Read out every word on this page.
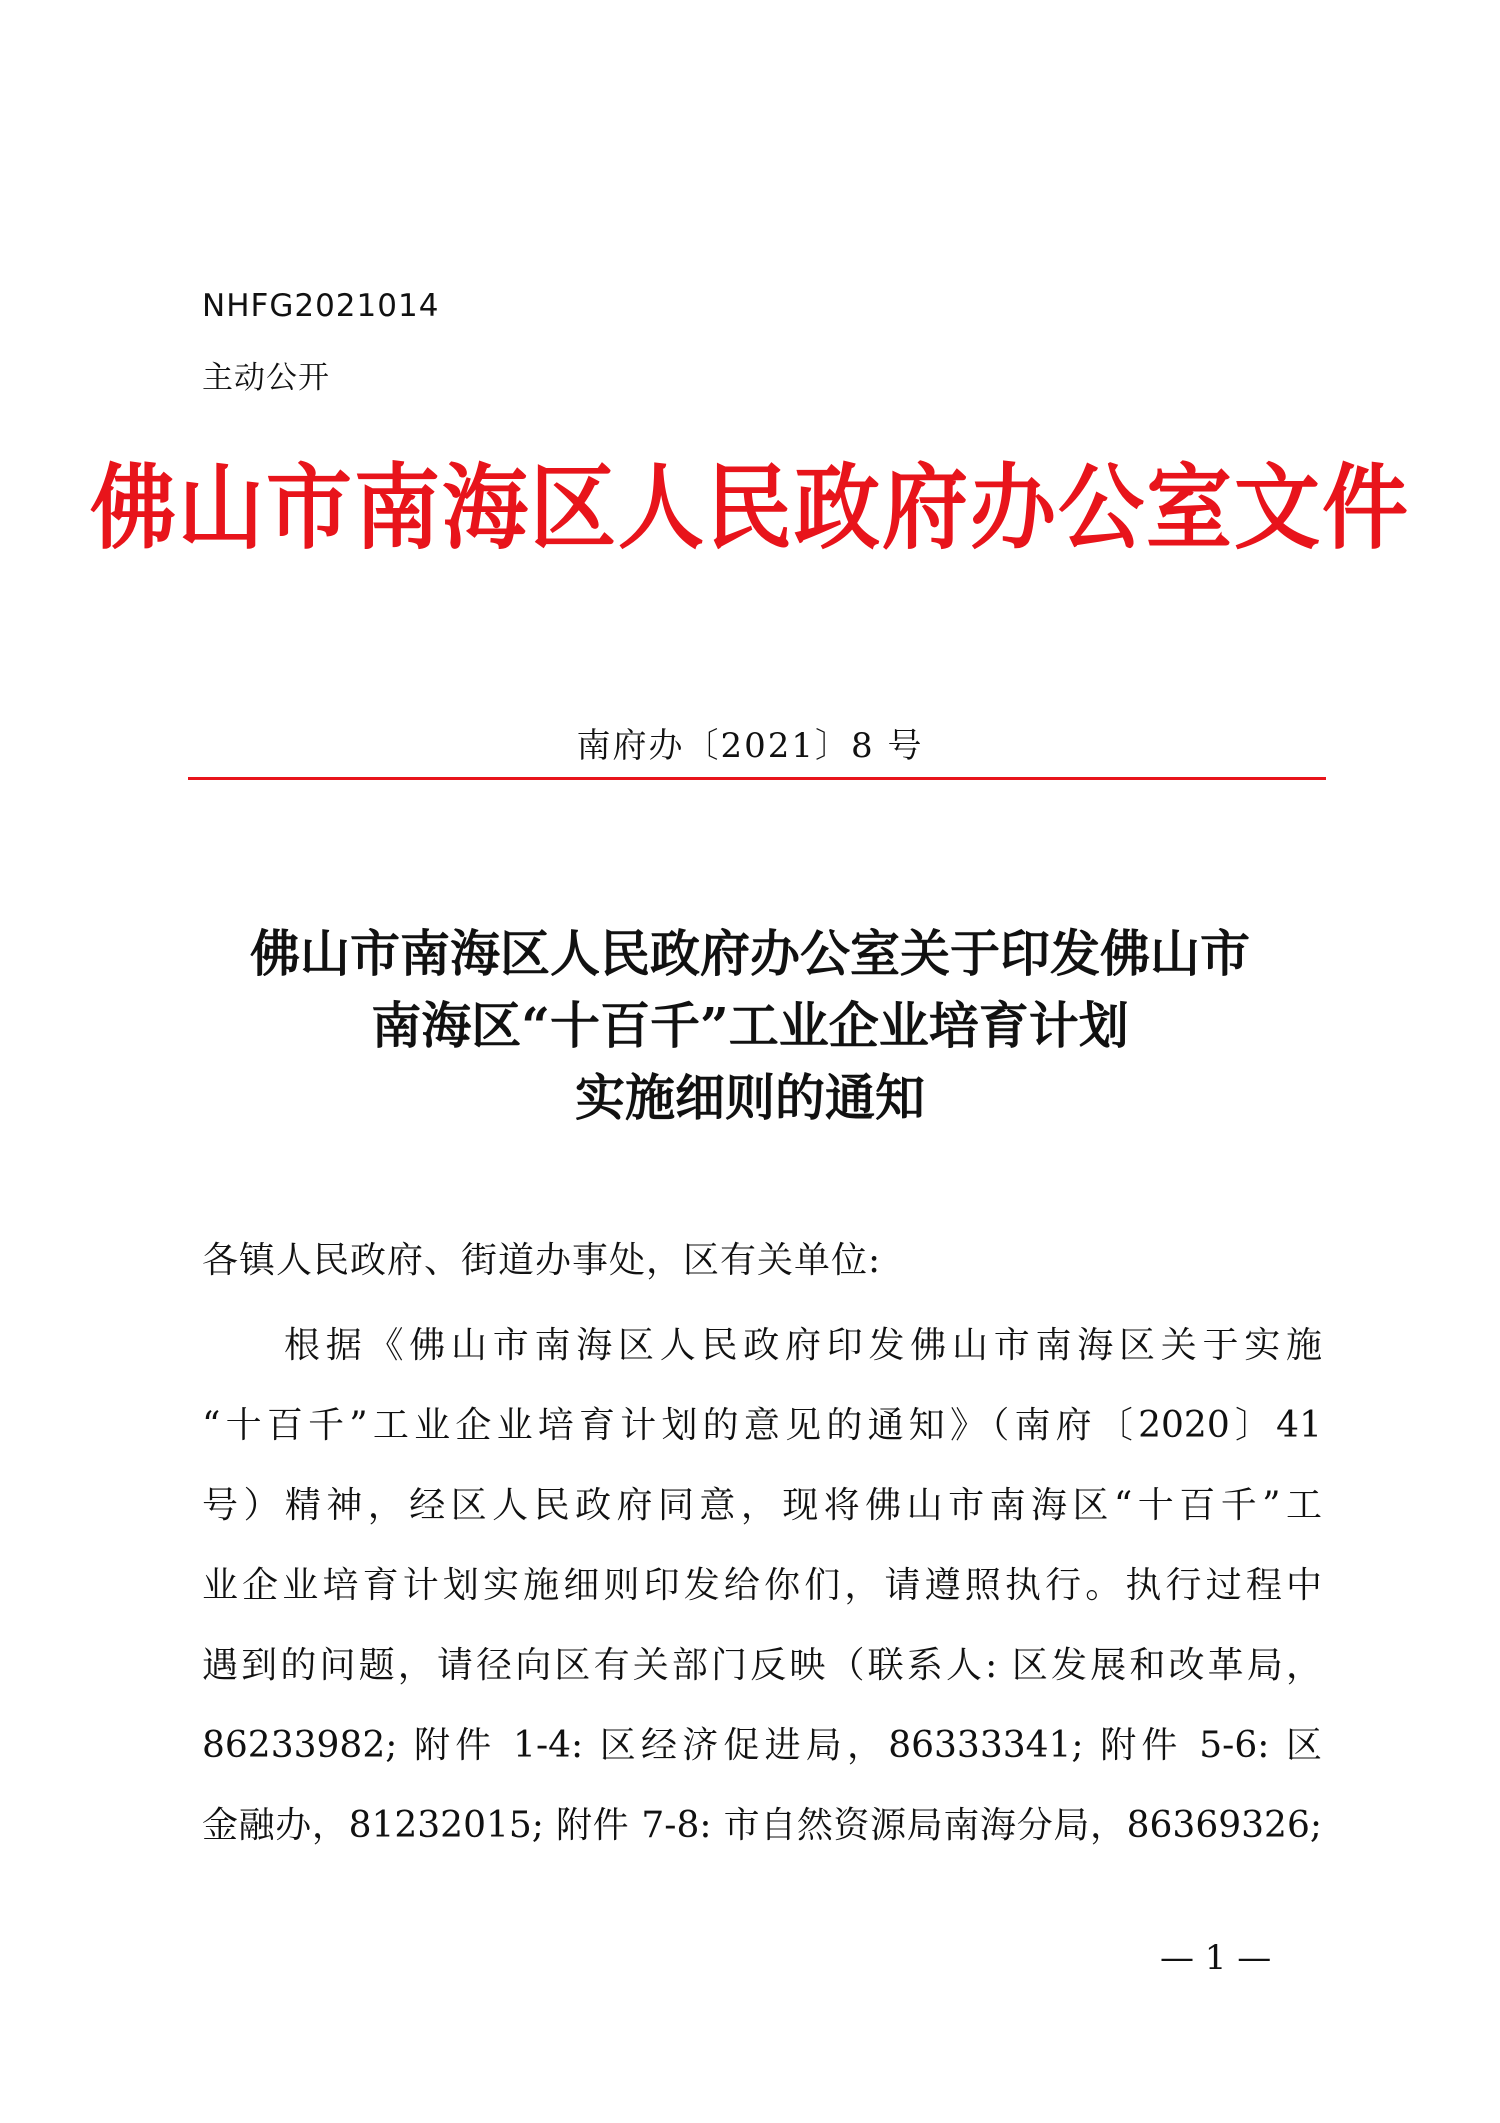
NHFG2021014
主动公开
佛山市南海区人民政府办公室文件
南府办〔2021〕8 号
佛山市南海区人民政府办公室关于印发佛山市
南海区“十百千”工业企业培育计划
实施细则的通知
各镇人民政府、街道办事处，区有关单位:
根据《佛山市南海区人民政府印发佛山市南海区关于实施
“十百千”工业企业培育计划的意见的通知》（南府〔2020〕41
号）精神，经区人民政府同意，现将佛山市南海区“十百千”工
业企业培育计划实施细则印发给你们，请遵照执行。执行过程中
遇到的问题，请径向区有关部门反映（联系人: 区发展和改革局，
86233982; 附件 1-4: 区经济促进局，86333341; 附件 5-6: 区
金融办，81232015; 附件 7-8: 市自然资源局南海分局，86369326;
— 1 —
